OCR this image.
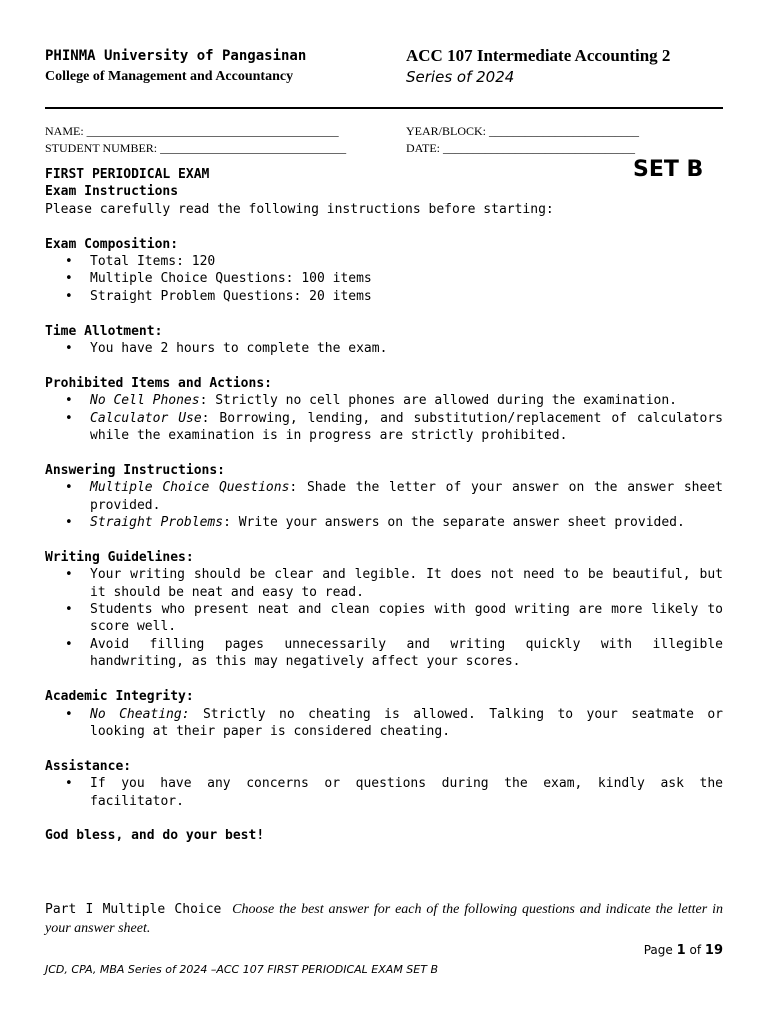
PHINMA University of Pangasinan
College of Management and Accountancy
ACC 107 Intermediate Accounting 2
Series of 2024
NAME: __________________________________________
STUDENT NUMBER: _______________________________
YEAR/BLOCK: _________________________
DATE: ________________________________
SET B
FIRST PERIODICAL EXAM
Exam Instructions
Please carefully read the following instructions before starting:
Exam Composition:
• Total Items: 120
• Multiple Choice Questions: 100 items
• Straight Problem Questions: 20 items
Time Allotment:
• You have 2 hours to complete the exam.
Prohibited Items and Actions:
• No Cell Phones: Strictly no cell phones are allowed during the examination.
• Calculator Use: Borrowing, lending, and substitution/replacement of calculators while the examination is in progress are strictly prohibited.
Answering Instructions:
• Multiple Choice Questions: Shade the letter of your answer on the answer sheet provided.
• Straight Problems: Write your answers on the separate answer sheet provided.
Writing Guidelines:
• Your writing should be clear and legible. It does not need to be beautiful, but it should be neat and easy to read.
• Students who present neat and clean copies with good writing are more likely to score well.
• Avoid filling pages unnecessarily and writing quickly with illegible handwriting, as this may negatively affect your scores.
Academic Integrity:
• No Cheating: Strictly no cheating is allowed. Talking to your seatmate or looking at their paper is considered cheating.
Assistance:
• If you have any concerns or questions during the exam, kindly ask the facilitator.
God bless, and do your best!
Part I Multiple Choice Choose the best answer for each of the following questions and indicate the letter in your answer sheet.
Page 1 of 19
JCD, CPA, MBA Series of 2024 –ACC 107 FIRST PERIODICAL EXAM SET B
